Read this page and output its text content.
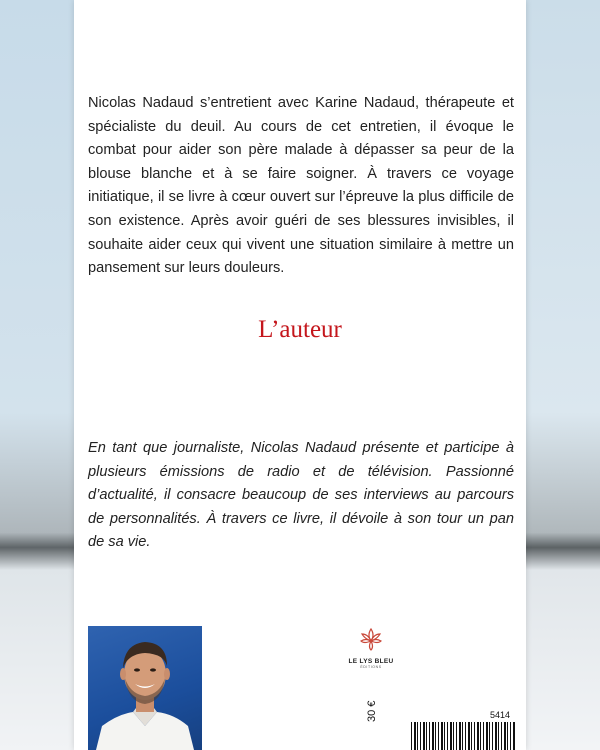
Nicolas Nadaud s’entretient avec Karine Nadaud, thérapeute et spécialiste du deuil. Au cours de cet entretien, il évoque le combat pour aider son père malade à dépasser sa peur de la blouse blanche et à se faire soigner. À travers ce voyage initiatique, il se livre à cœur ouvert sur l’épreuve la plus difficile de son existence. Après avoir guéri de ses blessures invisibles, il souhaite aider ceux qui vivent une situation similaire à mettre un pansement sur leurs douleurs.

L’auteur

En tant que journaliste, Nicolas Nadaud présente et participe à plusieurs émissions de radio et de télévision. Passionné d’actualité, il consacre beaucoup de ses interviews au parcours de personnalités. À travers ce livre, il dévoile à son tour un pan de sa vie.

LE LYS BLEU
ÉDITIONS
30 €	5414
